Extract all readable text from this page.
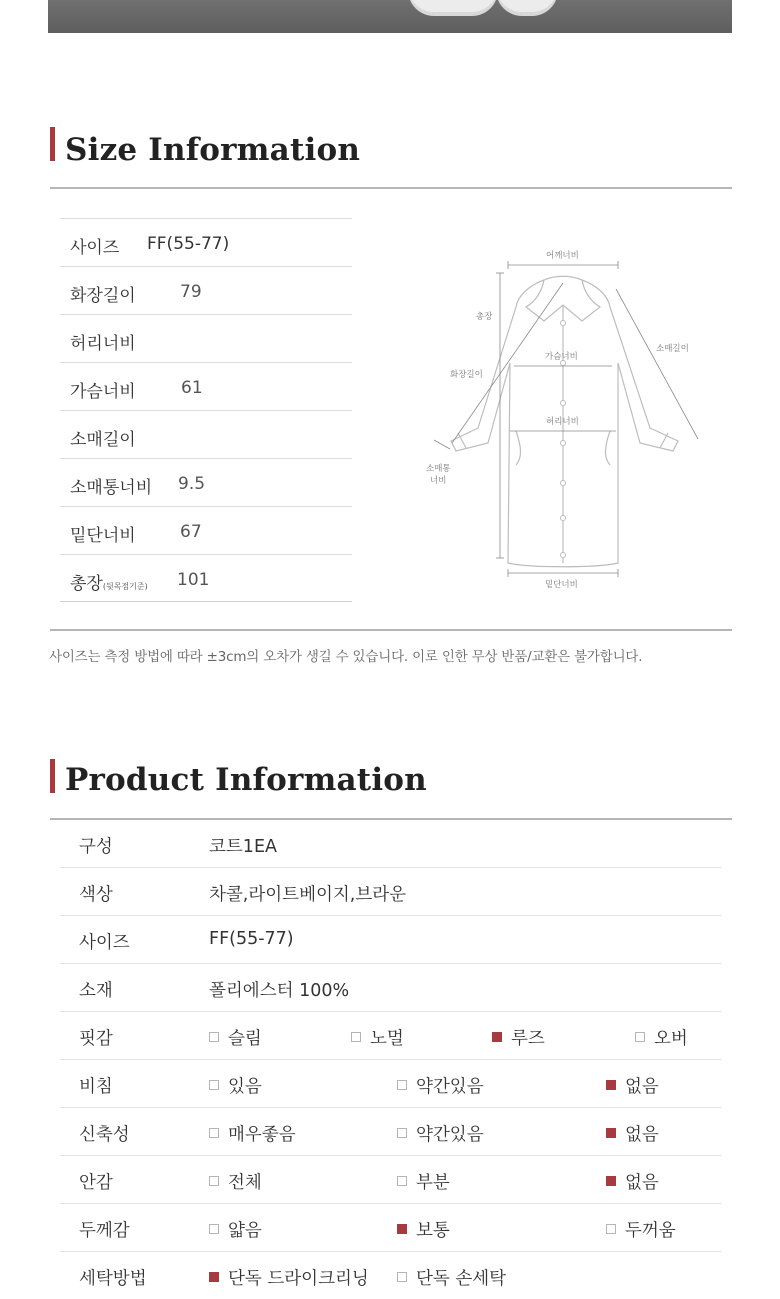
Size Information
사이즈 FF(55-77)
화장길이	79
허리너비
가슴너비	61
소매길이
소매통너비 9.5
밑단너비	67
총장(뒷목점기준) 101
어깨너비
총장
가슴너비
소매길이
화장길이
허리너비
소매통
너비
밑단너비
사이즈는 측정 방법에 따라 ±3cm의 오차가 생길 수 있습니다. 이로 인한 무상 반품/교환은 불가합니다.
Product Information
구성	코트1EA
색상	차콜,라이트베이지,브라운
사이즈	FF(55-77)
소재	폴리에스터 100%
핏감	슬림	노멀	루즈	오버
비침	있음	약간있음	없음
신축성	매우좋음	약간있음	없음
안감	전체	부분	없음
두께감	얇음	보통	두꺼움
세탁방법	단독 드라이크리닝	단독 손세탁
